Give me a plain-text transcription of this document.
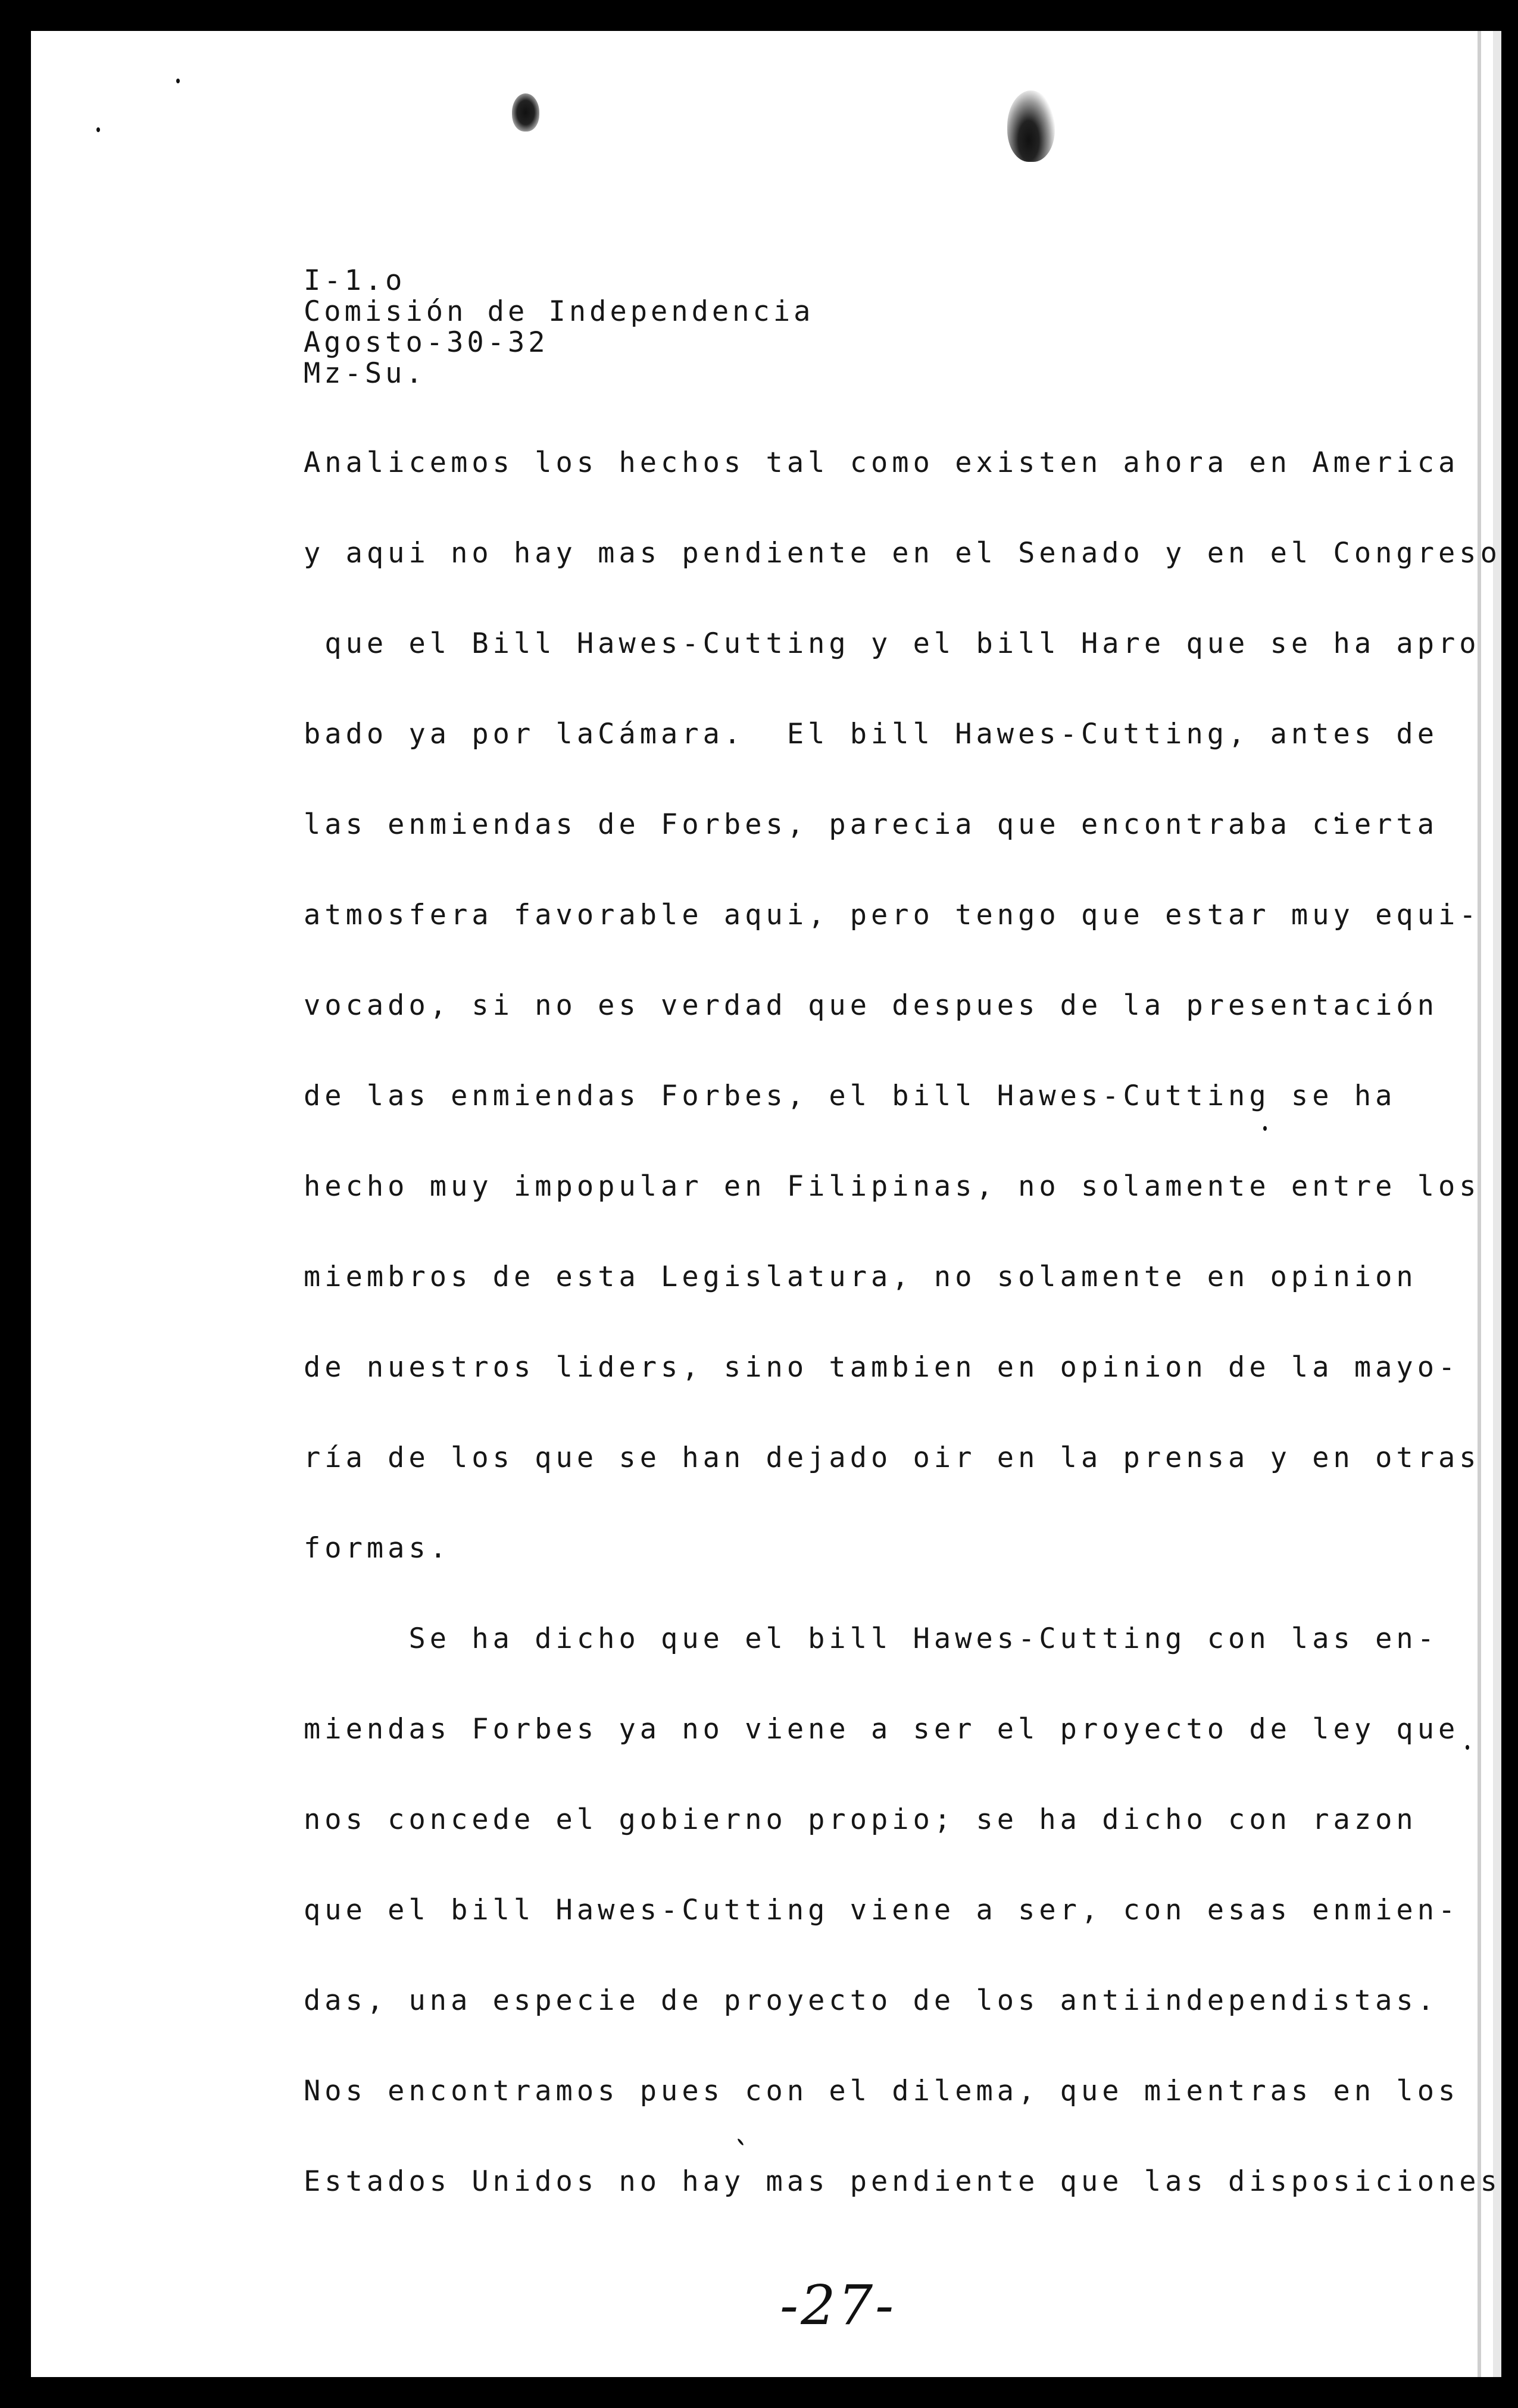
I-1.o
Comisión de Independencia
Agosto-30-32
Mz-Su.
Analicemos los hechos tal como existen ahora en America
y aqui no hay mas pendiente en el Senado y en el Congreso
que el Bill Hawes-Cutting y el bill Hare que se ha apro
bado ya por laCámara.  El bill Hawes-Cutting, antes de
las enmiendas de Forbes, parecia que encontraba cierta
atmosfera favorable aqui, pero tengo que estar muy equi-
vocado, si no es verdad que despues de la presentación
de las enmiendas Forbes, el bill Hawes-Cutting se ha
hecho muy impopular en Filipinas, no solamente entre los
miembros de esta Legislatura, no solamente en opinion
de nuestros liders, sino tambien en opinion de la mayo-
ría de los que se han dejado oir en la prensa y en otras
formas.
Se ha dicho que el bill Hawes-Cutting con las en-
miendas Forbes ya no viene a ser el proyecto de ley que
nos concede el gobierno propio; se ha dicho con razon
que el bill Hawes-Cutting viene a ser, con esas enmien-
das, una especie de proyecto de los antiindependistas.
Nos encontramos pues con el dilema, que mientras en los
Estados Unidos no hay mas pendiente que las disposiciones
-27-
